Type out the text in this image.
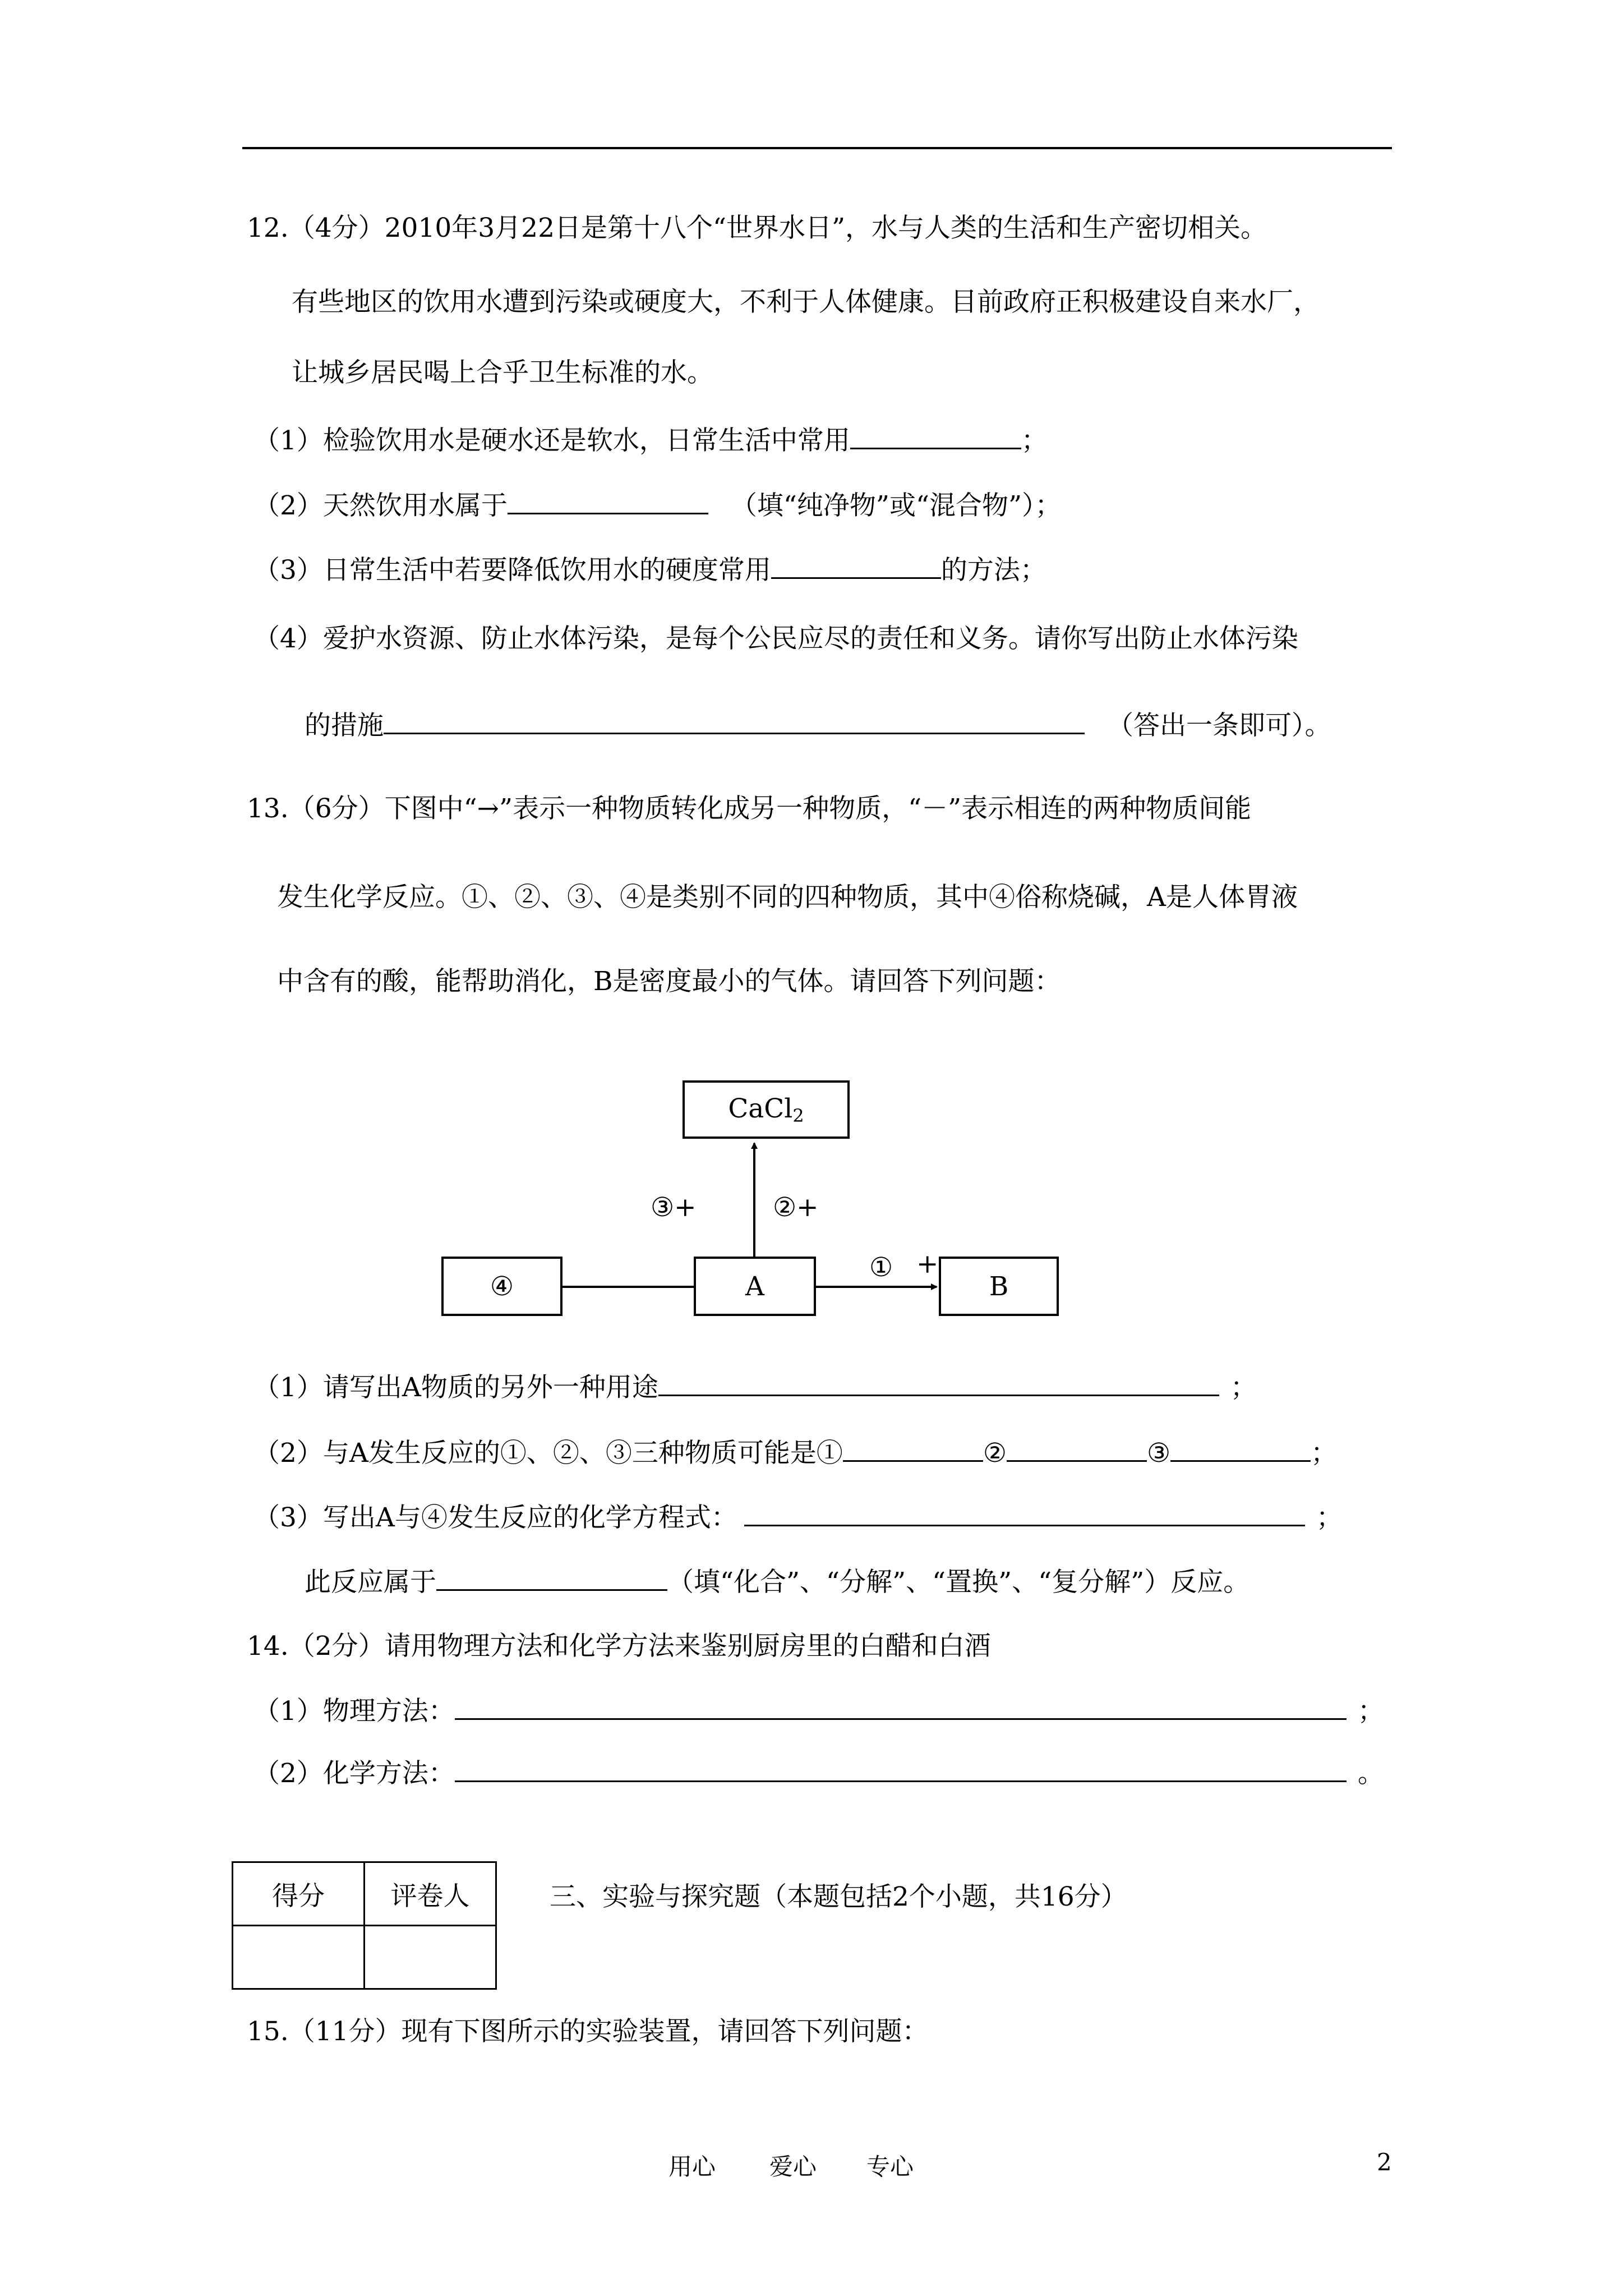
12.（4分）2010年3月22日是第十八个“世界水日”，水与人类的生活和生产密切相关。
有些地区的饮用水遭到污染或硬度大，不利于人体健康。目前政府正积极建设自来水厂，
让城乡居民喝上合乎卫生标准的水。
（1）检验饮用水是硬水还是软水，日常生活中常用	；
（2）天然饮用水属于	（填“纯净物”或“混合物”）；
（3）日常生活中若要降低饮用水的硬度常用	的方法；
（4）爱护水资源、防止水体污染，是每个公民应尽的责任和义务。请你写出防止水体污染
的措施	（答出一条即可）。
13.（6分）下图中“→”表示一种物质转化成另一种物质，“－”表示相连的两种物质间能
发生化学反应。①、②、③、④是类别不同的四种物质，其中④俗称烧碱，A是人体胃液
中含有的酸，能帮助消化，B是密度最小的气体。请回答下列问题：
CaCl$_2$
③+	②+
① +
④	A	B
（1）请写出A物质的另外一种用途	；
（2）与A发生反应的①、②、③三种物质可能是①	②	③	；
（3）写出A与④发生反应的化学方程式：	；
此反应属于	（填“化合”、“分解”、“置换”、“复分解”）反应。
14.（2分）请用物理方法和化学方法来鉴别厨房里的白醋和白酒
（1）物理方法：	；
（2）化学方法：	。
得分	评卷人
		三、实验与探究题（本题包括2个小题，共16分）
15.（11分）现有下图所示的实验装置，请回答下列问题：
用心 爱心 专心	2
